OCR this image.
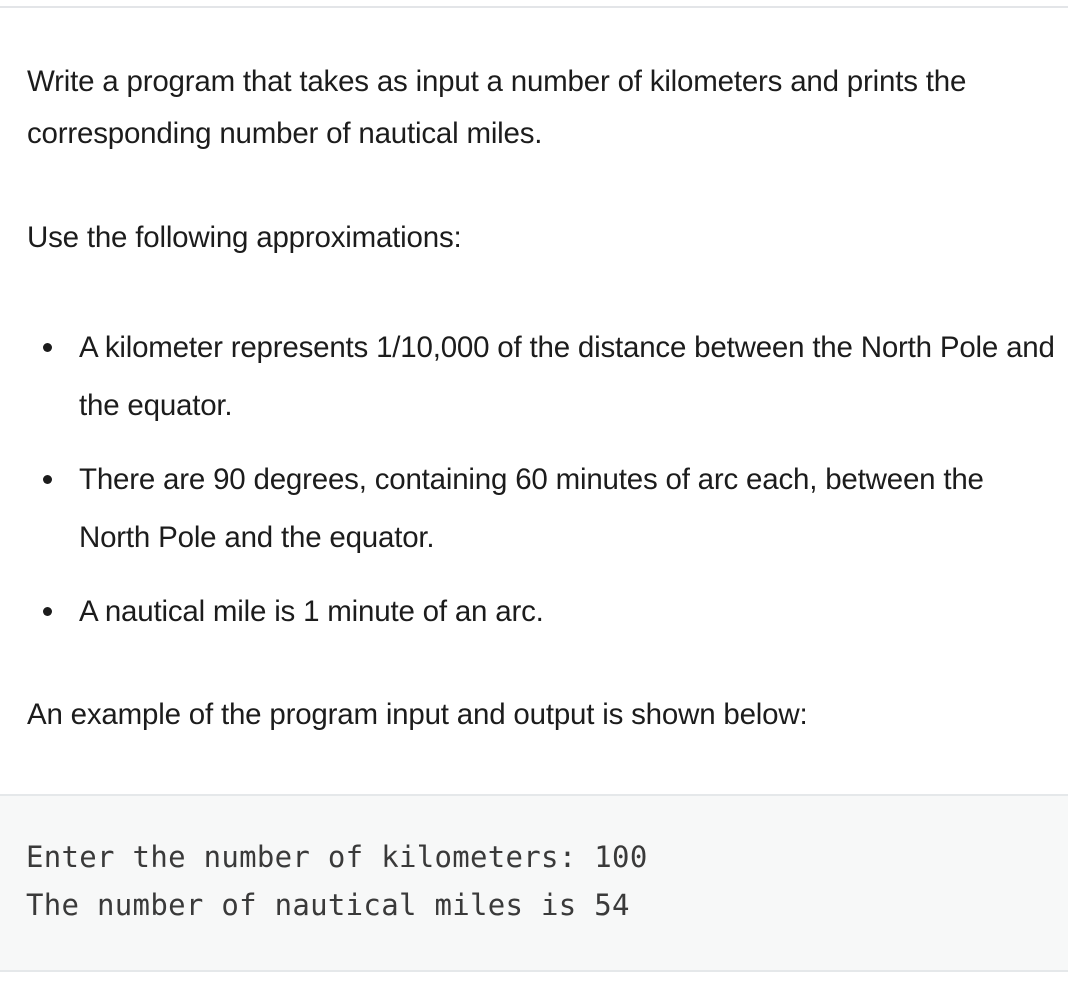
Write a program that takes as input a number of kilometers and prints the corresponding number of nautical miles.

Use the following approximations:

A kilometer represents 1/10,000 of the distance between the North Pole and the equator.
There are 90 degrees, containing 60 minutes of arc each, between the North Pole and the equator.
A nautical mile is 1 minute of an arc.

An example of the program input and output is shown below:

Enter the number of kilometers: 100
The number of nautical miles is 54
